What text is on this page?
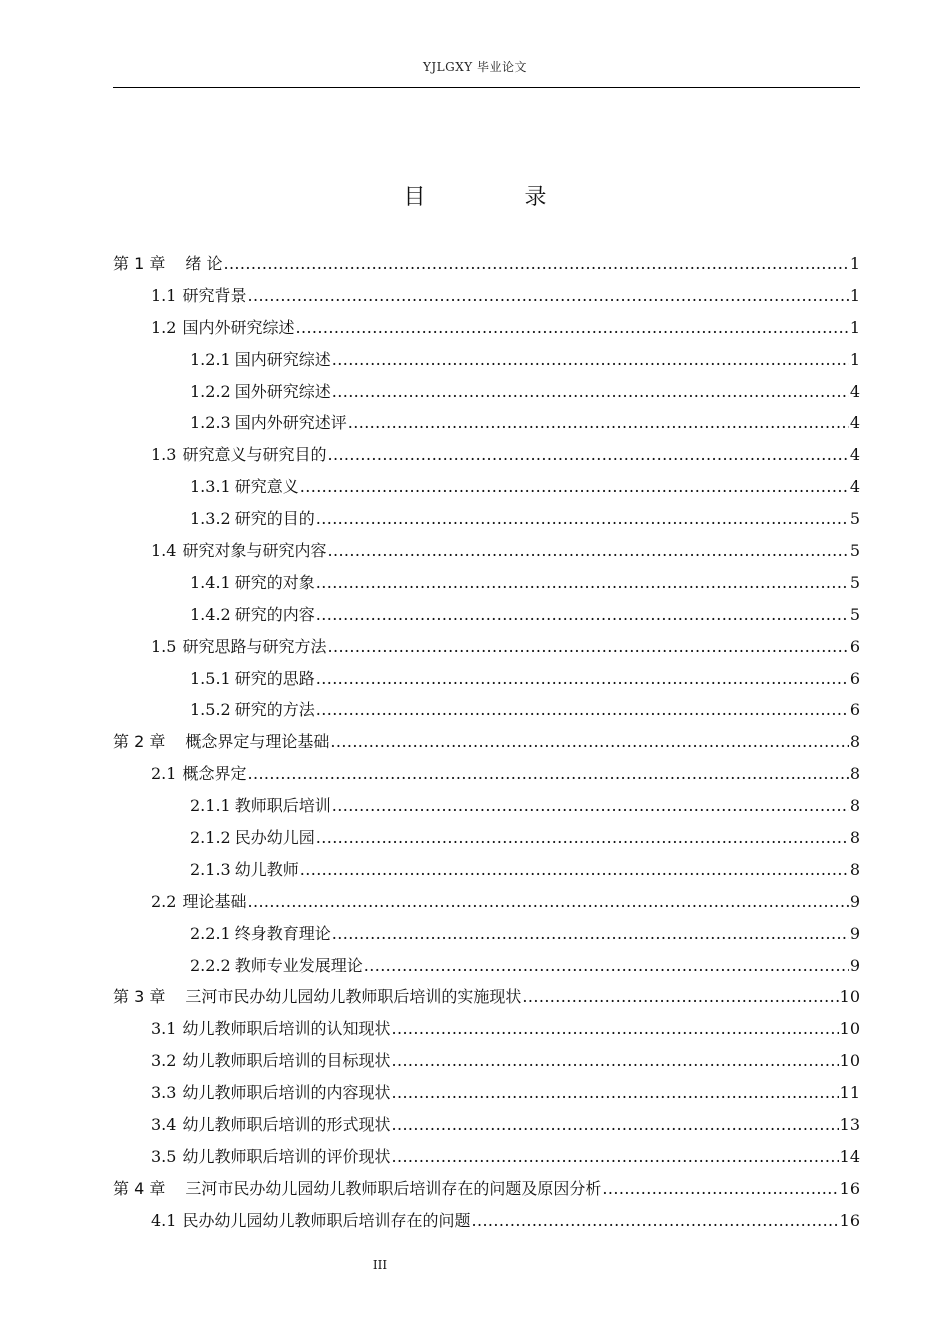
YJLGXY 毕业论文
目 录
第 1 章 绪 论 .....	1
1.1 研究背景 .....	1
1.2 国内外研究综述 .....	1
1.2.1 国内研究综述 .....	1
1.2.2 国外研究综述 .....	4
1.2.3 国内外研究述评 .....	4
1.3 研究意义与研究目的 .....	4
1.3.1 研究意义 .....	4
1.3.2 研究的目的 .....	5
1.4 研究对象与研究内容 .....	5
1.4.1 研究的对象 .....	5
1.4.2 研究的内容 .....	5
1.5 研究思路与研究方法 .....	6
1.5.1 研究的思路 .....	6
1.5.2 研究的方法 .....	6
第 2 章 概念界定与理论基础 .....	8
2.1 概念界定 .....	8
2.1.1 教师职后培训 .....	8
2.1.2 民办幼儿园 .....	8
2.1.3 幼儿教师 .....	8
2.2 理论基础 .....	9
2.2.1 终身教育理论 .....	9
2.2.2 教师专业发展理论 .....	9
第 3 章 三河市民办幼儿园幼儿教师职后培训的实施现状 .....	10
3.1 幼儿教师职后培训的认知现状 .....	10
3.2 幼儿教师职后培训的目标现状 .....	10
3.3 幼儿教师职后培训的内容现状 .....	11
3.4 幼儿教师职后培训的形式现状 .....	13
3.5 幼儿教师职后培训的评价现状 .....	14
第 4 章 三河市民办幼儿园幼儿教师职后培训存在的问题及原因分析 .....	16
4.1 民办幼儿园幼儿教师职后培训存在的问题 .....	16
III
